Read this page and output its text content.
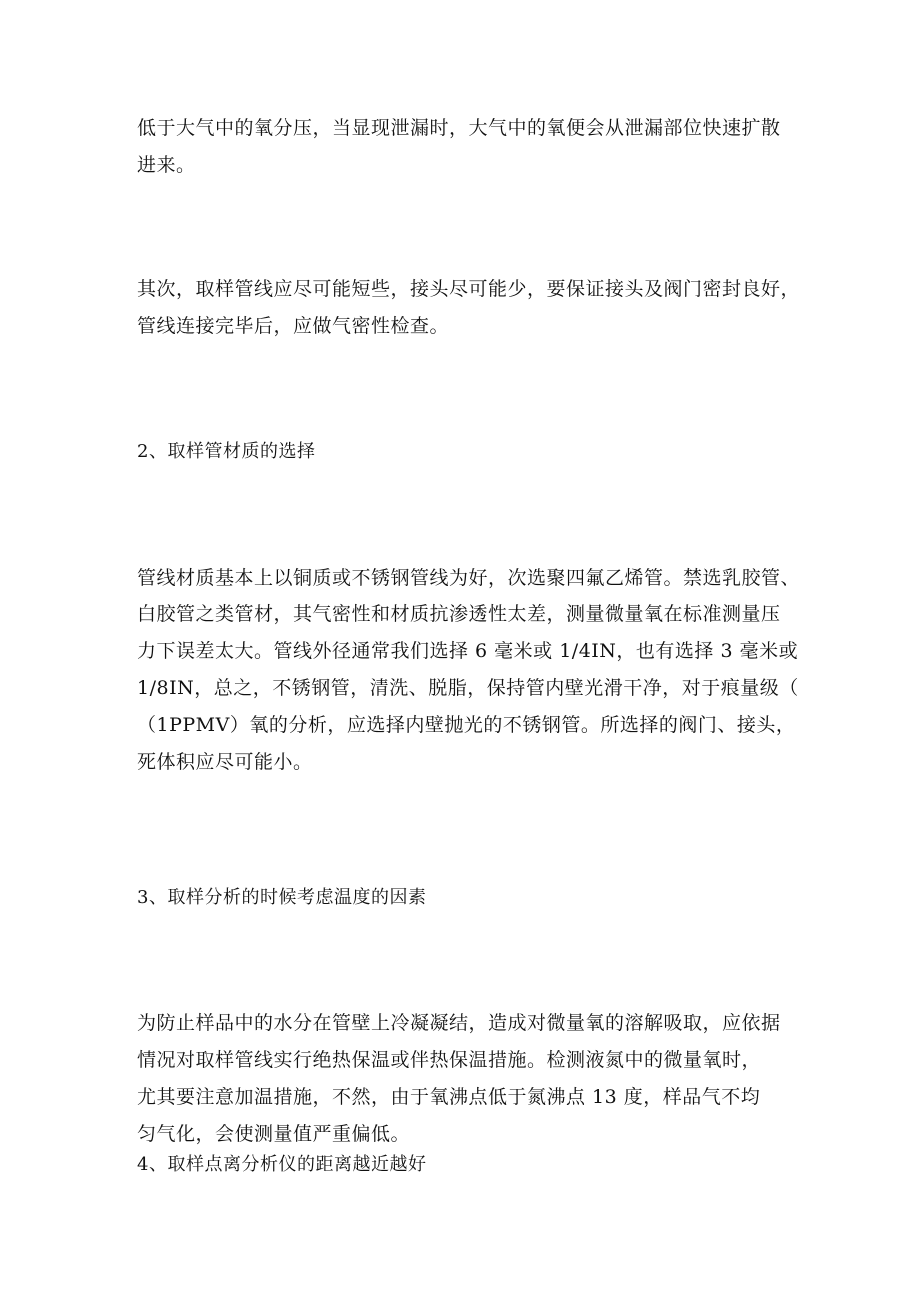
低于大气中的氧分压，当显现泄漏时，大气中的氧便会从泄漏部位快速扩散
进来。
其次，取样管线应尽可能短些，接头尽可能少，要保证接头及阀门密封良好，
管线连接完毕后，应做气密性检查。
2、取样管材质的选择
管线材质基本上以铜质或不锈钢管线为好，次选聚四氟乙烯管。禁选乳胶管、
白胶管之类管材，其气密性和材质抗渗透性太差，测量微量氧在标准测量压
力下误差太大。管线外径通常我们选择 6 毫米或 1/4IN，也有选择 3 毫米或
1/8IN，总之，不锈钢管，清洗、脱脂，保持管内壁光滑干净，对于痕量级（
（1PPMV）氧的分析，应选择内壁抛光的不锈钢管。所选择的阀门、接头，
死体积应尽可能小。
3、取样分析的时候考虑温度的因素
为防止样品中的水分在管壁上冷凝凝结，造成对微量氧的溶解吸取，应依据
情况对取样管线实行绝热保温或伴热保温措施。检测液氮中的微量氧时，
尤其要注意加温措施，不然，由于氧沸点低于氮沸点 13 度，样品气不均
匀气化，会使测量值严重偏低。
4、取样点离分析仪的距离越近越好
